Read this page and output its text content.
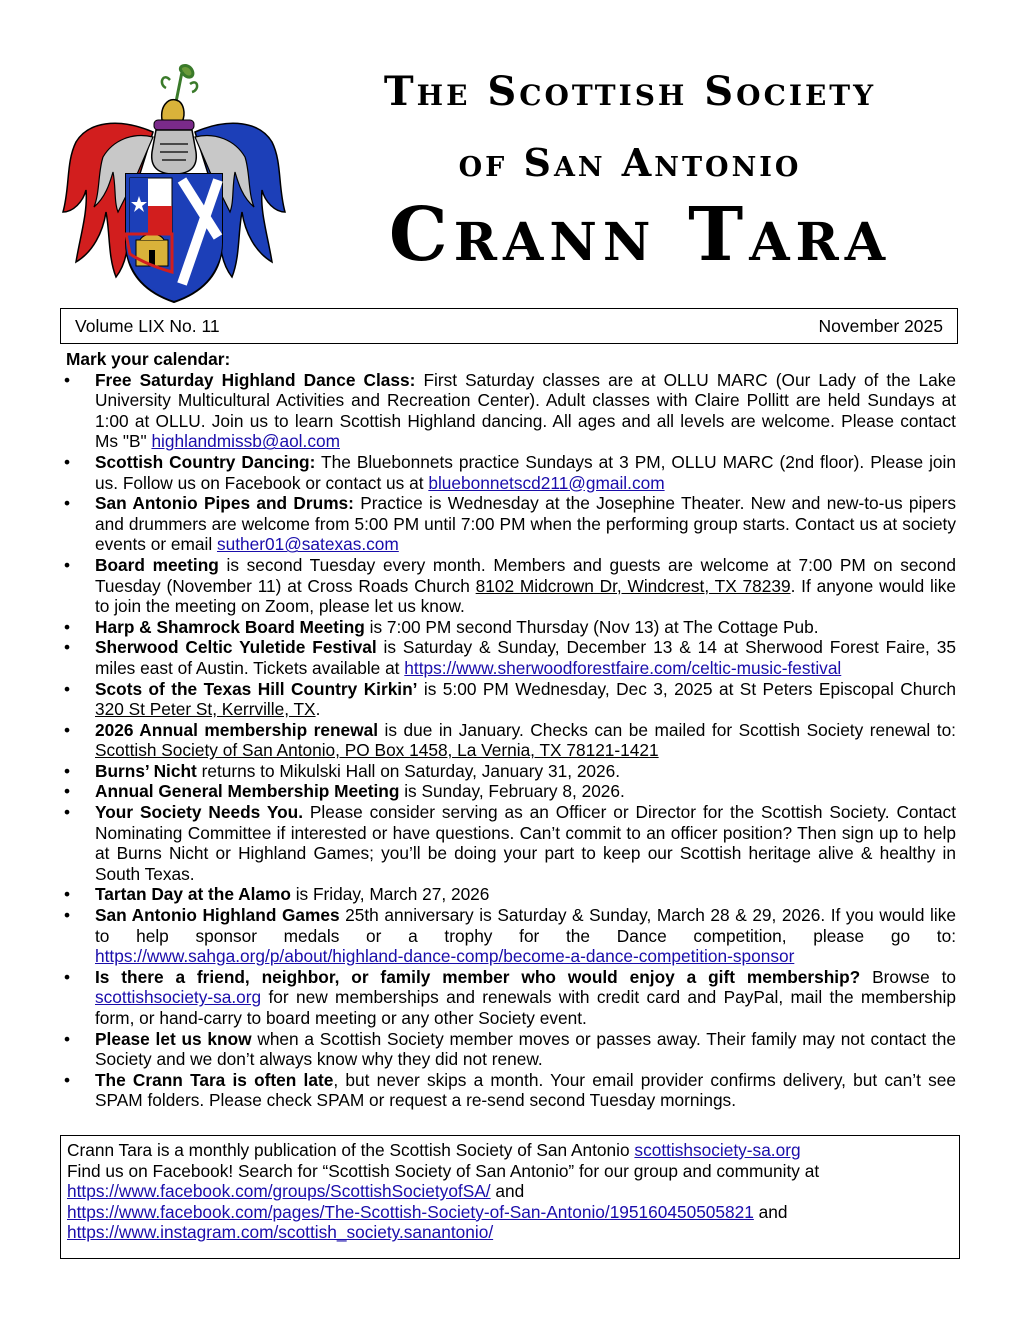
The Scottish Society
of San Antonio
Crann Tara
Volume LIX No. 11	November 2025
Mark your calendar:
• Free Saturday Highland Dance Class: First Saturday classes are at OLLU MARC (Our Lady of the Lake University Multicultural Activities and Recreation Center). Adult classes with Claire Pollitt are held Sundays at 1:00 at OLLU. Join us to learn Scottish Highland dancing. All ages and all levels are welcome. Please contact Ms "B" highlandmissb@aol.com
• Scottish Country Dancing: The Bluebonnets practice Sundays at 3 PM, OLLU MARC (2nd floor). Please join us. Follow us on Facebook or contact us at bluebonnetscd211@gmail.com
• San Antonio Pipes and Drums: Practice is Wednesday at the Josephine Theater. New and new-to-us pipers and drummers are welcome from 5:00 PM until 7:00 PM when the performing group starts. Contact us at society events or email suther01@satexas.com
• Board meeting is second Tuesday every month. Members and guests are welcome at 7:00 PM on second Tuesday (November 11) at Cross Roads Church 8102 Midcrown Dr, Windcrest, TX 78239. If anyone would like to join the meeting on Zoom, please let us know.
• Harp & Shamrock Board Meeting is 7:00 PM second Thursday (Nov 13) at The Cottage Pub.
• Sherwood Celtic Yuletide Festival is Saturday & Sunday, December 13 & 14 at Sherwood Forest Faire, 35 miles east of Austin. Tickets available at https://www.sherwoodforestfaire.com/celtic-music-festival
• Scots of the Texas Hill Country Kirkin’ is 5:00 PM Wednesday, Dec 3, 2025 at St Peters Episcopal Church 320 St Peter St, Kerrville, TX.
• 2026 Annual membership renewal is due in January. Checks can be mailed for Scottish Society renewal to: Scottish Society of San Antonio, PO Box 1458, La Vernia, TX 78121-1421
• Burns’ Nicht returns to Mikulski Hall on Saturday, January 31, 2026.
• Annual General Membership Meeting is Sunday, February 8, 2026.
• Your Society Needs You. Please consider serving as an Officer or Director for the Scottish Society. Contact Nominating Committee if interested or have questions. Can’t commit to an officer position? Then sign up to help at Burns Nicht or Highland Games; you’ll be doing your part to keep our Scottish heritage alive & healthy in South Texas.
• Tartan Day at the Alamo is Friday, March 27, 2026
• San Antonio Highland Games 25th anniversary is Saturday & Sunday, March 28 & 29, 2026. If you would like to help sponsor medals or a trophy for the Dance competition, please go to: https://www.sahga.org/p/about/highland-dance-comp/become-a-dance-competition-sponsor
• Is there a friend, neighbor, or family member who would enjoy a gift membership? Browse to scottishsociety-sa.org for new memberships and renewals with credit card and PayPal, mail the membership form, or hand-carry to board meeting or any other Society event.
• Please let us know when a Scottish Society member moves or passes away. Their family may not contact the Society and we don’t always know why they did not renew.
• The Crann Tara is often late, but never skips a month. Your email provider confirms delivery, but can’t see SPAM folders. Please check SPAM or request a re-send second Tuesday mornings.
Crann Tara is a monthly publication of the Scottish Society of San Antonio scottishsociety-sa.org
Find us on Facebook! Search for “Scottish Society of San Antonio” for our group and community at https://www.facebook.com/groups/ScottishSocietyofSA/ and
https://www.facebook.com/pages/The-Scottish-Society-of-San-Antonio/195160450505821 and
https://www.instagram.com/scottish_society.sanantonio/
